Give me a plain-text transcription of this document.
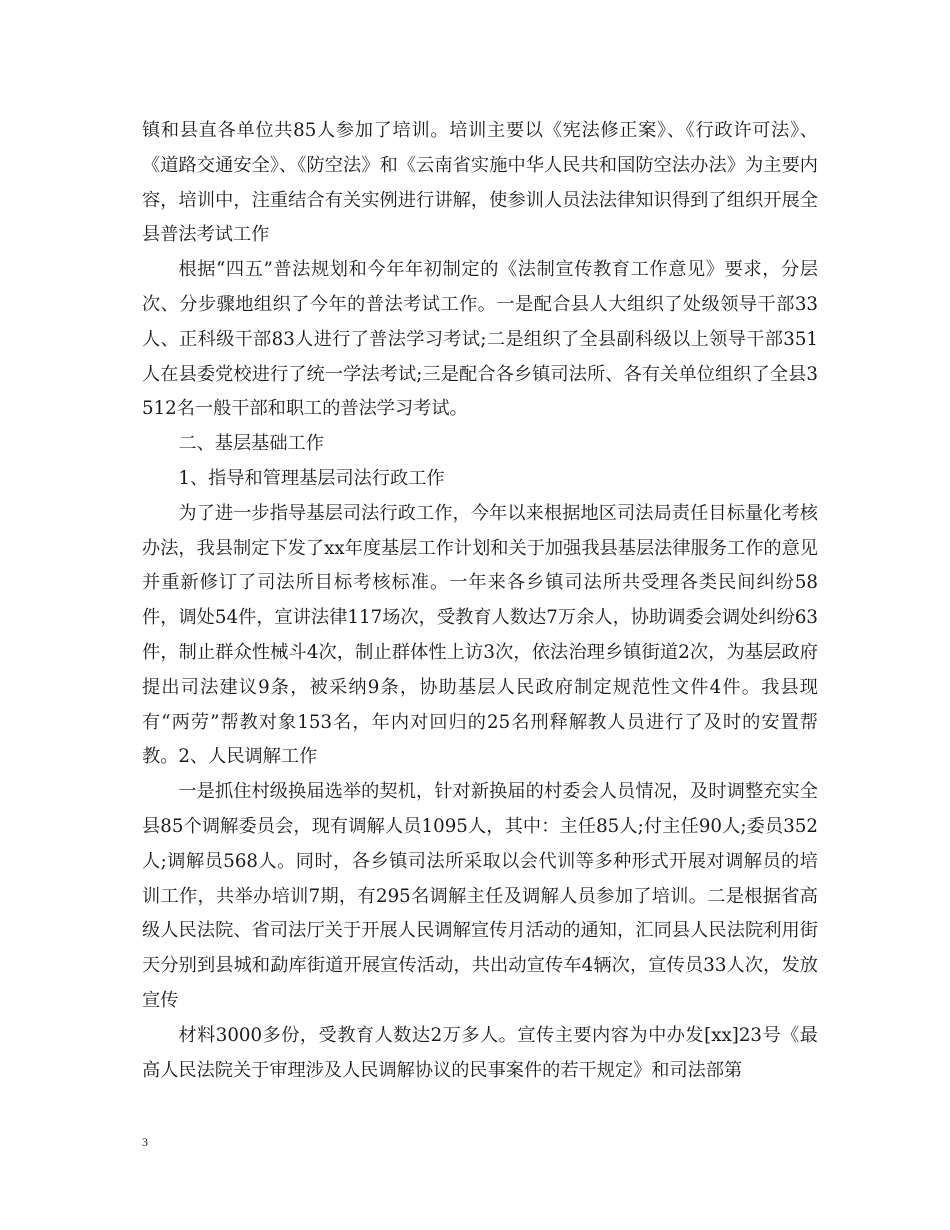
镇和县直各单位共85人参加了培训。培训主要以《宪法修正案》、《行政许可法》、《道路交通安全》、《防空法》和《云南省实施中华人民共和国防空法办法》为主要内容，培训中，注重结合有关实例进行讲解，使参训人员法法律知识得到了组织开展全县普法考试工作

根据“四五”普法规划和今年年初制定的《法制宣传教育工作意见》要求，分层次、分步骤地组织了今年的普法考试工作。一是配合县人大组织了处级领导干部33人、正科级干部83人进行了普法学习考试;二是组织了全县副科级以上领导干部351人在县委党校进行了统一学法考试;三是配合各乡镇司法所、各有关单位组织了全县3512名一般干部和职工的普法学习考试。

二、基层基础工作

1、指导和管理基层司法行政工作

为了进一步指导基层司法行政工作，今年以来根据地区司法局责任目标量化考核办法，我县制定下发了xx年度基层工作计划和关于加强我县基层法律服务工作的意见并重新修订了司法所目标考核标准。一年来各乡镇司法所共受理各类民间纠纷58件，调处54件，宣讲法律117场次，受教育人数达7万余人，协助调委会调处纠纷63件，制止群众性械斗4次，制止群体性上访3次，依法治理乡镇街道2次，为基层政府提出司法建议9条，被采纳9条，协助基层人民政府制定规范性文件4件。我县现有“两劳”帮教对象153名，年内对回归的25名刑释解教人员进行了及时的安置帮教。2、人民调解工作

一是抓住村级换届选举的契机，针对新换届的村委会人员情况，及时调整充实全县85个调解委员会，现有调解人员1095人，其中：主任85人;付主任90人;委员352人;调解员568人。同时，各乡镇司法所采取以会代训等多种形式开展对调解员的培训工作，共举办培训7期，有295名调解主任及调解人员参加了培训。二是根据省高级人民法院、省司法厅关于开展人民调解宣传月活动的通知，汇同县人民法院利用街天分别到县城和勐库街道开展宣传活动，共出动宣传车4辆次，宣传员33人次，发放宣传

材料3000多份，受教育人数达2万多人。宣传主要内容为中办发[xx]23号《最高人民法院关于审理涉及人民调解协议的民事案件的若干规定》和司法部第

3
